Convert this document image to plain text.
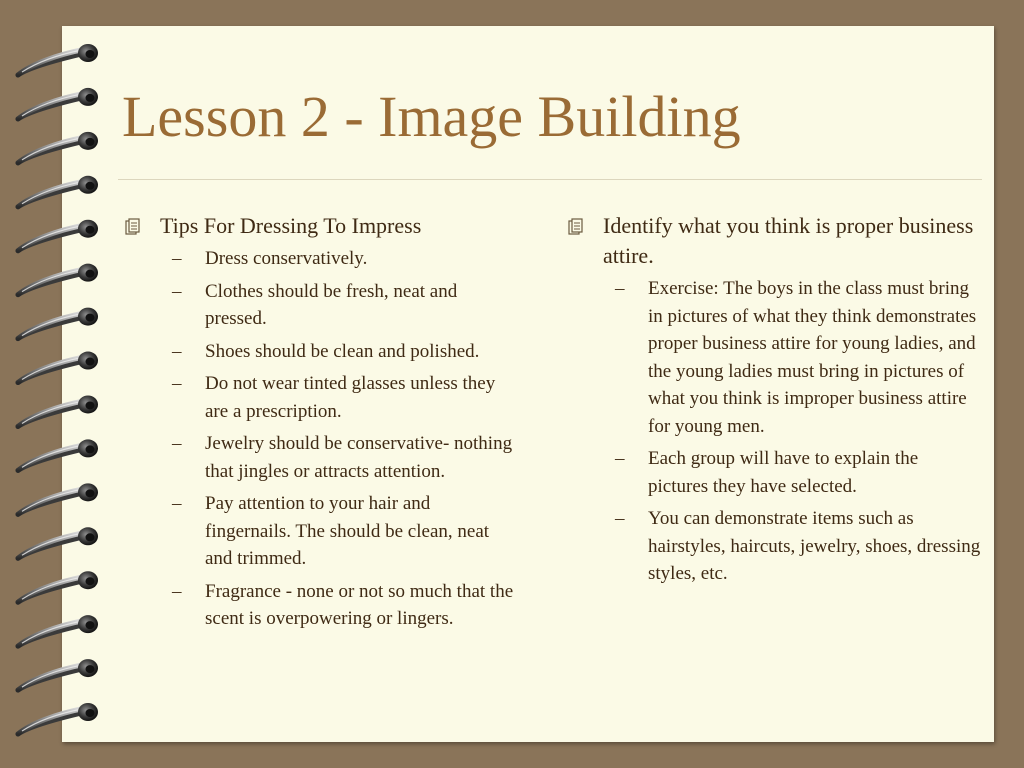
Lesson 2 - Image Building
Tips For Dressing To Impress
– Dress conservatively.
– Clothes should be fresh, neat and pressed.
– Shoes should be clean and polished.
– Do not wear tinted glasses unless they are a prescription.
– Jewelry should be conservative- nothing that jingles or attracts attention.
– Pay attention to your hair and fingernails. The should be clean, neat and trimmed.
– Fragrance - none or not so much that the scent is overpowering or lingers.
Identify what you think is proper business attire.
– Exercise: The boys in the class must bring in pictures of what they think demonstrates proper business attire for young ladies, and the young ladies must bring in pictures of what you think is improper business attire for young men.
– Each group will have to explain the pictures they have selected.
– You can demonstrate items such as hairstyles, haircuts, jewelry, shoes, dressing styles, etc.
